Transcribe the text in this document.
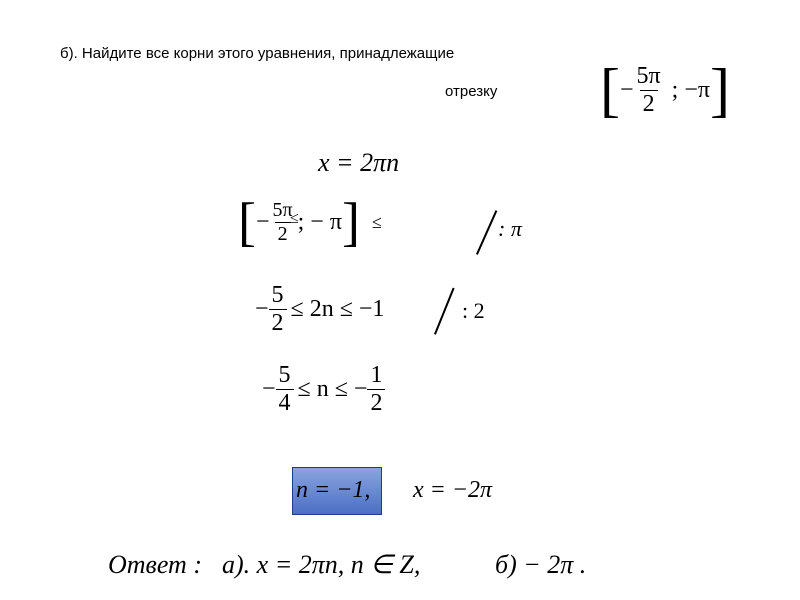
б). Найдите все корни этого уравнения, принадлежащие
отрезку [ − $\frac{5\pi}{2}$ ; −π ]
x = 2πn
[ − $\frac{5\pi}{2}$ ; − π ] ≤
≤	: π
− $\frac{5}{2} \le 2n \le -1$	: 2
− $\frac{5}{4} \le n$ ≤ − $\frac{1}{2}$
n = −1, x = −2π
Ответ : а). x = 2πn, n ∈ Z,	б) − 2π .
